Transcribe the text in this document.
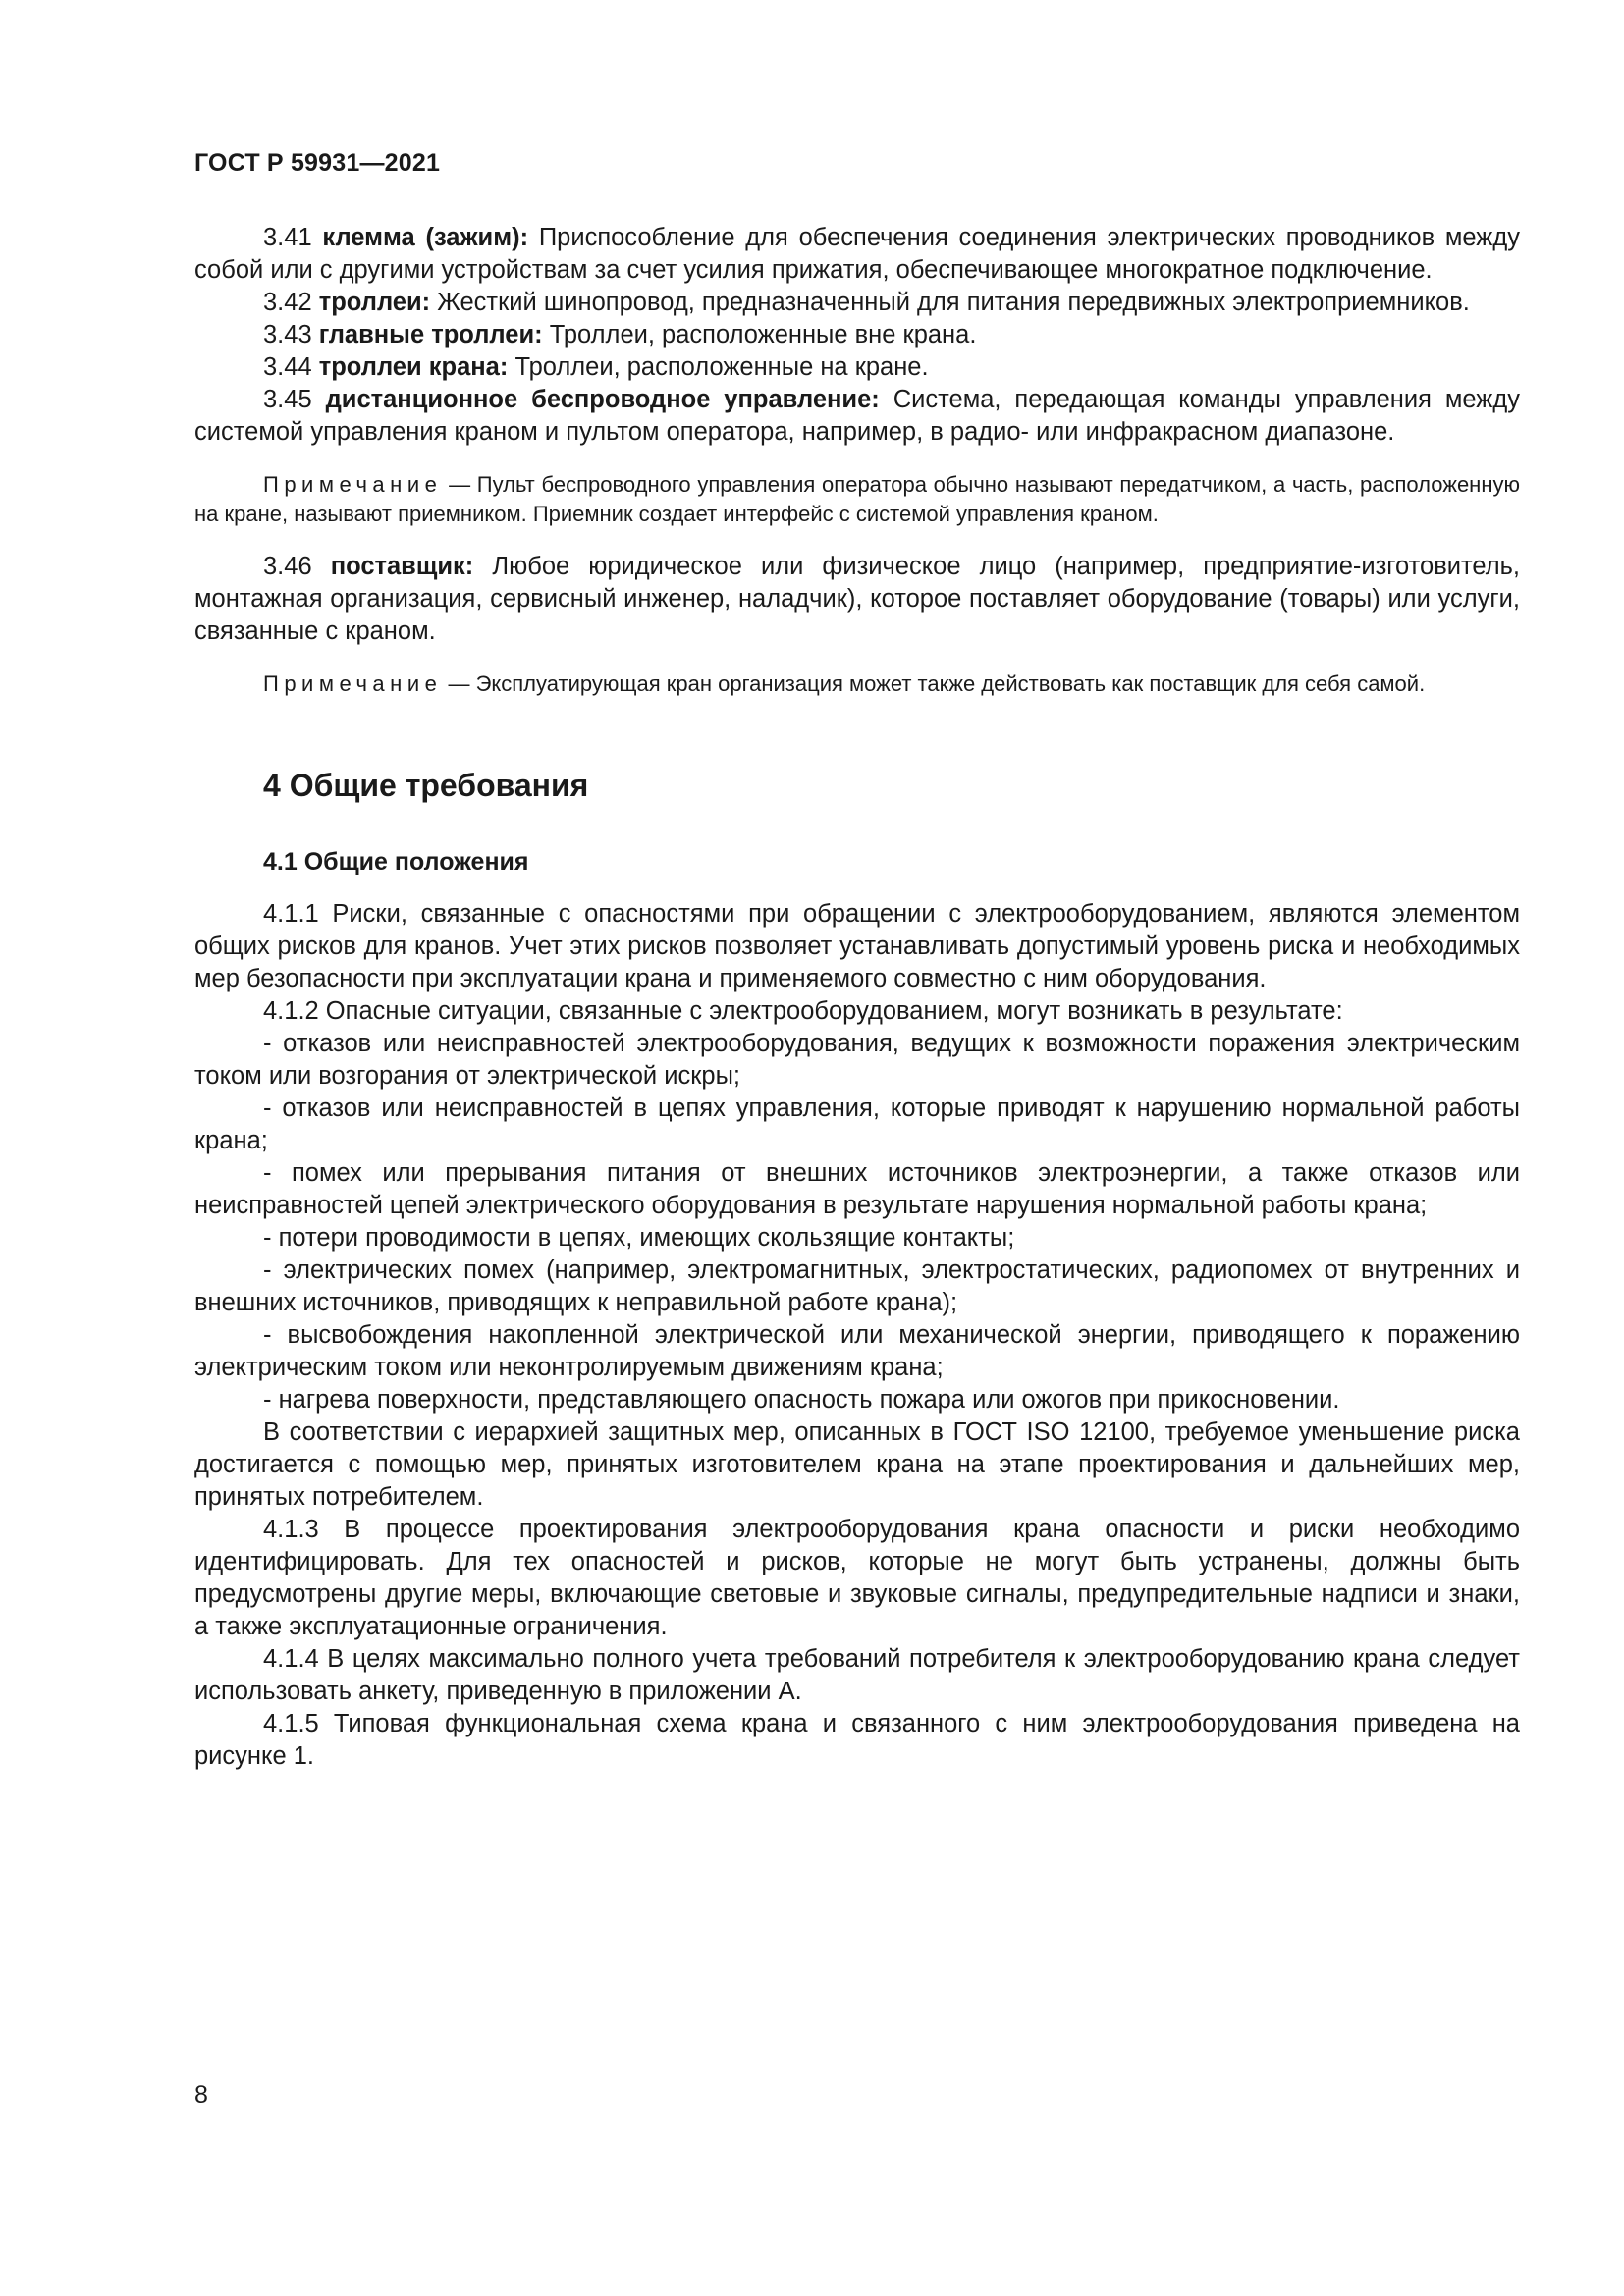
ГОСТ Р 59931—2021

3.41 клемма (зажим): Приспособление для обеспечения соединения электрических проводников между собой или с другими устройствам за счет усилия прижатия, обеспечивающее многократное подключение.

3.42 троллеи: Жесткий шинопровод, предназначенный для питания передвижных электроприемников.

3.43 главные троллеи: Троллеи, расположенные вне крана.

3.44 троллеи крана: Троллеи, расположенные на кране.

3.45 дистанционное беспроводное управление: Система, передающая команды управления между системой управления краном и пультом оператора, например, в радио- или инфракрасном диапазоне.

Примечание — Пульт беспроводного управления оператора обычно называют передатчиком, а часть, расположенную на кране, называют приемником. Приемник создает интерфейс с системой управления краном.

3.46 поставщик: Любое юридическое или физическое лицо (например, предприятие-изготовитель, монтажная организация, сервисный инженер, наладчик), которое поставляет оборудование (товары) или услуги, связанные с краном.

Примечание — Эксплуатирующая кран организация может также действовать как поставщик для себя самой.

4 Общие требования
4.1 Общие положения

4.1.1 Риски, связанные с опасностями при обращении с электрооборудованием, являются элементом общих рисков для кранов. Учет этих рисков позволяет устанавливать допустимый уровень риска и необходимых мер безопасности при эксплуатации крана и применяемого совместно с ним оборудования.

4.1.2 Опасные ситуации, связанные с электрооборудованием, могут возникать в результате:

- отказов или неисправностей электрооборудования, ведущих к возможности поражения электрическим током или возгорания от электрической искры;

- отказов или неисправностей в цепях управления, которые приводят к нарушению нормальной работы крана;

- помех или прерывания питания от внешних источников электроэнергии, а также отказов или неисправностей цепей электрического оборудования в результате нарушения нормальной работы крана;

- потери проводимости в цепях, имеющих скользящие контакты;

- электрических помех (например, электромагнитных, электростатических, радиопомех от внутренних и внешних источников, приводящих к неправильной работе крана);

- высвобождения накопленной электрической или механической энергии, приводящего к поражению электрическим током или неконтролируемым движениям крана;

- нагрева поверхности, представляющего опасность пожара или ожогов при прикосновении.

В соответствии с иерархией защитных мер, описанных в ГОСТ ISO 12100, требуемое уменьшение риска достигается с помощью мер, принятых изготовителем крана на этапе проектирования и дальнейших мер, принятых потребителем.

4.1.3 В процессе проектирования электрооборудования крана опасности и риски необходимо идентифицировать. Для тех опасностей и рисков, которые не могут быть устранены, должны быть предусмотрены другие меры, включающие световые и звуковые сигналы, предупредительные надписи и знаки, а также эксплуатационные ограничения.

4.1.4 В целях максимально полного учета требований потребителя к электрооборудованию крана следует использовать анкету, приведенную в приложении А.

4.1.5 Типовая функциональная схема крана и связанного с ним электрооборудования приведена на рисунке 1.

8
